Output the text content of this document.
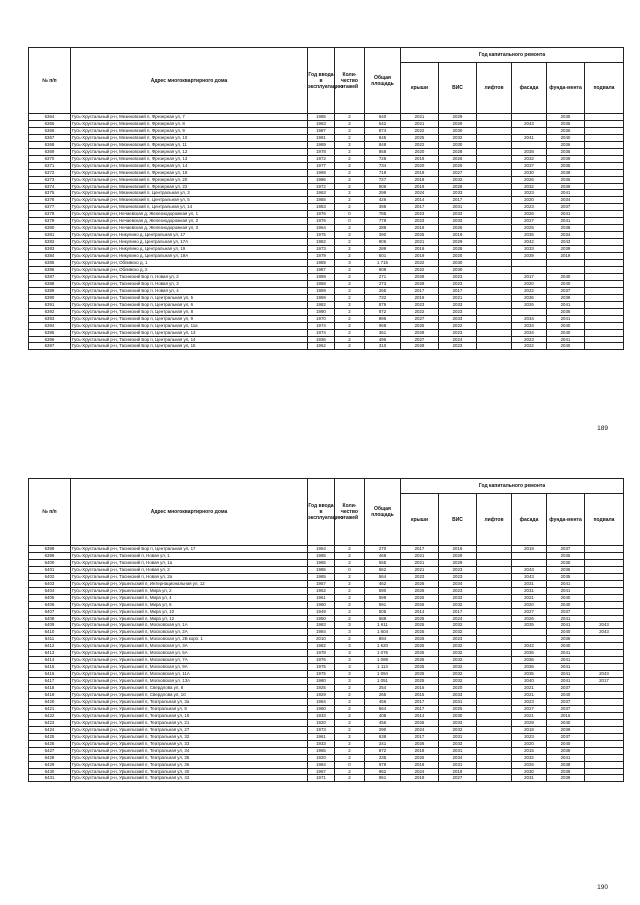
№ п/п	Адрес многоквартирного дома	Год ввода в эксплуатацию	Коли-чество этажей	Общая площадь	Год капитального ремонта					
					крыши	ВИС	лифтов	фасада	фунда-мента	подвала
6364	Гусь-Хрустальный р-н, Мезиновский п, Фрезерная ул, 7	1985	2	640	2021	2029			2035	
6365	Гусь-Хрустальный р-н, Мезиновский п, Фрезерная ул, 8	1963	2	542	2021	2029		2043	2035	
6366	Гусь-Хрустальный р-н, Мезиновский п, Фрезерная ул, 9	1987	2	874	2022	2030			2036	
6367	Гусь-Хрустальный р-н, Мезиновский п, Фрезерная ул, 10	1981	2	845	2025	2032		2041	2040	
6368	Гусь-Хрустальный р-н, Мезиновский п, Фрезерная ул, 11	1989	2	848	2022	2030			2036	
6369	Гусь-Хрустальный р-н, Мезиновский п, Фрезерная ул, 12	1978	2	858	2020	2028		2038	2035	
6370	Гусь-Хрустальный р-н, Мезиновский п, Фрезерная ул, 13	1972	2	728	2019	2026		2032	2039	
6371	Гусь-Хрустальный р-н, Мезиновский п, Фрезерная ул, 14	1977	2	734	2020	2025		2037	2035	
6372	Гусь-Хрустальный р-н, Мезиновский п, Фрезерная ул, 18	1969	2	719	2019	2027		2030	2039	
6373	Гусь-Хрустальный р-н, Мезиновский п, Фрезерная ул, 20	1986	2	727	2018	2032		2026	2036	
6374	Гусь-Хрустальный р-н, Мезиновский п, Фрезерная ул, 22	1972	2	906	2019	2028		2032	2039	
6375	Гусь-Хрустальный р-н, Мезиновский п, Центральная ул, 3	1963	2	299	2024	2033		2023	2041	
6376	Гусь-Хрустальный р-н, Мезиновский п, Центральная ул, 5	1955	2	426	2014	2017		2020	2034	
6377	Гусь-Хрустальный р-н, Мезиновский п, Центральная ул, 14	1953	2	398	2017	2031		2023	2037	
6378	Гусь-Хрустальный р-н, Нечаевская д, Железнодорожная ул, 1	1976	0	785	2023	2033		2026	2041	
6379	Гусь-Хрустальный р-н, Нечаевская д, Железнодорожная ул, 2	1976	0	779	2023	2033		2027	2041	
6380	Гусь-Хрустальный р-н, Нечаевская д, Железнодорожная ул, 3	1964	2	289	2018	2026		2025	2038	
6381	Гусь-Хрустальный р-н, Никулино д, Центральная ул, 17	1975	2	390	2025	2019		2035	2034	
6382	Гусь-Хрустальный р-н, Никулино д, Центральная ул, 17А	1982	2	906	2021	2029		2042	2043	
6383	Гусь-Хрустальный р-н, Никулино д, Центральная ул, 19	1973	2	289	2019	2028		2033	2039	
6384	Гусь-Хрустальный р-н, Никулино д, Центральная ул, 19А	1979	2	501	2019	2020		2039	2019	
6385	Гусь-Хрустальный р-н, Обливско д, 1	1989	3	1 715	2022	2030				
6386	Гусь-Хрустальный р-н, Обливско д, 2	1987	2	609	2022	2030				
6387	Гусь-Хрустальный р-н, Тасинский Бор п, Новая ул, 2	1959	2	271	2028	2023		2017	2040	
6388	Гусь-Хрустальный р-н, Тасинский Бор п, Новая ул, 3	1958	2	273	2028	2023		2020	2040	
6389	Гусь-Хрустальный р-н, Тасинский Бор п, Новая ул, 4	1959	2	265	2017	2017		2022	2037	
6390	Гусь-Хрустальный р-н, Тасинский Бор п, Центральная ул, 5	1959	2	732	2019	2021		2036	2039	
6391	Гусь-Хрустальный р-н, Тасинский Бор п, Центральная ул, 6	1982	2	879	2023	2033		2026	2041	
6392	Гусь-Хрустальный р-н, Тасинский Бор п, Центральная ул, 8	1990	2	872	2022	2023			2036	
6393	Гусь-Хрустальный р-н, Тасинский Бор п, Центральная ул, 9	1970	2	896	2027	2033		2034	2041	
6394	Гусь-Хрустальный р-н, Тасинский Бор п, Центральная ул, 11а	1974	2	968	2025	2022		2034	2040	
6395	Гусь-Хрустальный р-н, Тасинский Бор п, Центральная ул, 13	1974	2	361	2028	2023		2034	2040	
6396	Гусь-Хрустальный р-н, Тасинский Бор п, Центральная ул, 14	1936	2	496	2027	2024		2023	2041	
6397	Гусь-Хрустальный р-н, Тасинский Бор п, Центральная ул, 15	1962	2	310	2028	2023		2022	2040	
189
№ п/п	Адрес многоквартирного дома	Год ввода в эксплуатацию	Коли-чество этажей	Общая площадь	Год капитального ремонта					
					крыши	ВИС	лифтов	фасада	фунда-мента	подвала
6398	Гусь-Хрустальный р-н, Тасинский Бор п, Центральная ул, 17	1954	2	270	2017	2018		2019	2037	
6399	Гусь-Хрустальный р-н, Тасинский п, Новая ул, 1	1985	2	469	2021	2029			2035	
6400	Гусь-Хрустальный р-н, Тасинский п, Новая ул, 1а	1985	2	555	2021	2029			2035	
6401	Гусь-Хрустальный р-н, Тасинский п, Новая ул, 2	1985	0	562	2021	2023		2043	2035	
6402	Гусь-Хрустальный р-н, Тасинский п, Новая ул, 2а	1985	2	564	2023	2023		2043	2035	
6403	Гусь-Хрустальный р-н, Уршельский п, Интернациональная ул, 12	1957	2	462	2026	2034		2031	2041	
6404	Гусь-Хрустальный р-н, Уршельский п, Мира ул, 2	1962	2	590	2026	2023		2031	2041	
6405	Гусь-Хрустальный р-н, Уршельский п, Мира ул, 4	1961	2	599	2026	2033		2021	2040	
6406	Гусь-Хрустальный р-н, Уршельский п, Мира ул, 6	1960	2	591	2026	2032		2020	2040	
6407	Гусь-Хрустальный р-н, Уршельский п, Мира ул, 10	1949	2	505	2014	2017		2027	2037	
6408	Гусь-Хрустальный р-н, Уршельский п, Мира ул, 12	1950	2	589	2025	2024		2026	2041	
6409	Гусь-Хрустальный р-н, Уршельский п, Московская ул, 1А	1983	3	1 611	2025	2032		2035	2041	2043
6410	Гусь-Хрустальный р-н, Уршельский п, Московская ул, 2А	1984	3	1 604	2025	2032			2040	2043
6411	Гусь-Хрустальный р-н, Уршельский п, Московская ул, 2Б корп. 1	2010	2	894	2026	2023			2036	
6412	Гусь-Хрустальный р-н, Уршельский п, Московская ул, 3А	1982	3	1 620	2025	2032		2042	2040	
6413	Гусь-Хрустальный р-н, Уршельский п, Московская ул, 5А	1978	3	1 076	2025	2032		2036	2041	
6414	Гусь-Хрустальный р-н, Уршельский п, Московская ул, 7А	1976	3	1 089	2025	2032		2036	2041	
6415	Гусь-Хрустальный р-н, Уршельский п, Московская ул, 9А	1975	3	1 113	2025	2032		2036	2041	
6416	Гусь-Хрустальный р-н, Уршельский п, Московская ул, 11А	1975	3	1 094	2025	2032		2035	2041	2043
6417	Гусь-Хрустальный р-н, Уршельский п, Московская ул, 13А	1980	3	1 051	2025	2032		2040	2041	2017
6418	Гусь-Хрустальный р-н, Уршельский п, Свердлова ул, 8	1925	2	254	2016	2020		2021	2037	
6419	Гусь-Хрустальный р-н, Уршельский п, Свердлова ул, 10	1929	2	265	2015	2033		2021	2040	
6420	Гусь-Хрустальный р-н, Уршельский п, Театральная ул, 3а	1984	2	456	2017	2031		2023	2037	
6421	Гусь-Хрустальный р-н, Уршельский п, Театральная ул, 8	1960	2	564	2017	2025		2027	2037	
6422	Гусь-Хрустальный р-н, Уршельский п, Театральная ул, 18	1933	2	408	2014	2030		2021	2016	
6423	Гусь-Хрустальный р-н, Уршельский п, Театральная ул, 21	1920	2	456	2026	2033		2029	2040	
6424	Гусь-Хрустальный р-н, Уршельский п, Театральная ул, 27	1973	2	290	2024	2032		2018	2039	
6425	Гусь-Хрустальный р-н, Уршельский п, Театральная ул, 32	1961	2	638	2017	2031		2023	2037	
6426	Гусь-Хрустальный р-н, Уршельский п, Театральная ул, 33	1933	2	241	2026	2033		2020	2040	
6427	Гусь-Хрустальный р-н, Уршельский п, Театральная ул, 34	1965	2	872	2018	2031		2015	2038	
6428	Гусь-Хрустальный р-н, Уршельский п, Театральная ул, 35	1920	2	235	2026	2034		2032	2041	
6429	Гусь-Хрустальный р-н, Уршельский п, Театральная ул, 36	1984	0	979	2018	2031		2025	2038	
6430	Гусь-Хрустальный р-н, Уршельский п, Театральная ул, 40	1967	2	962	2024	2018		2030	2039	
6431	Гусь-Хрустальный р-н, Уршельский п, Театральная ул, 42	1971	2	951	2019	2027		2031	2039	
190
